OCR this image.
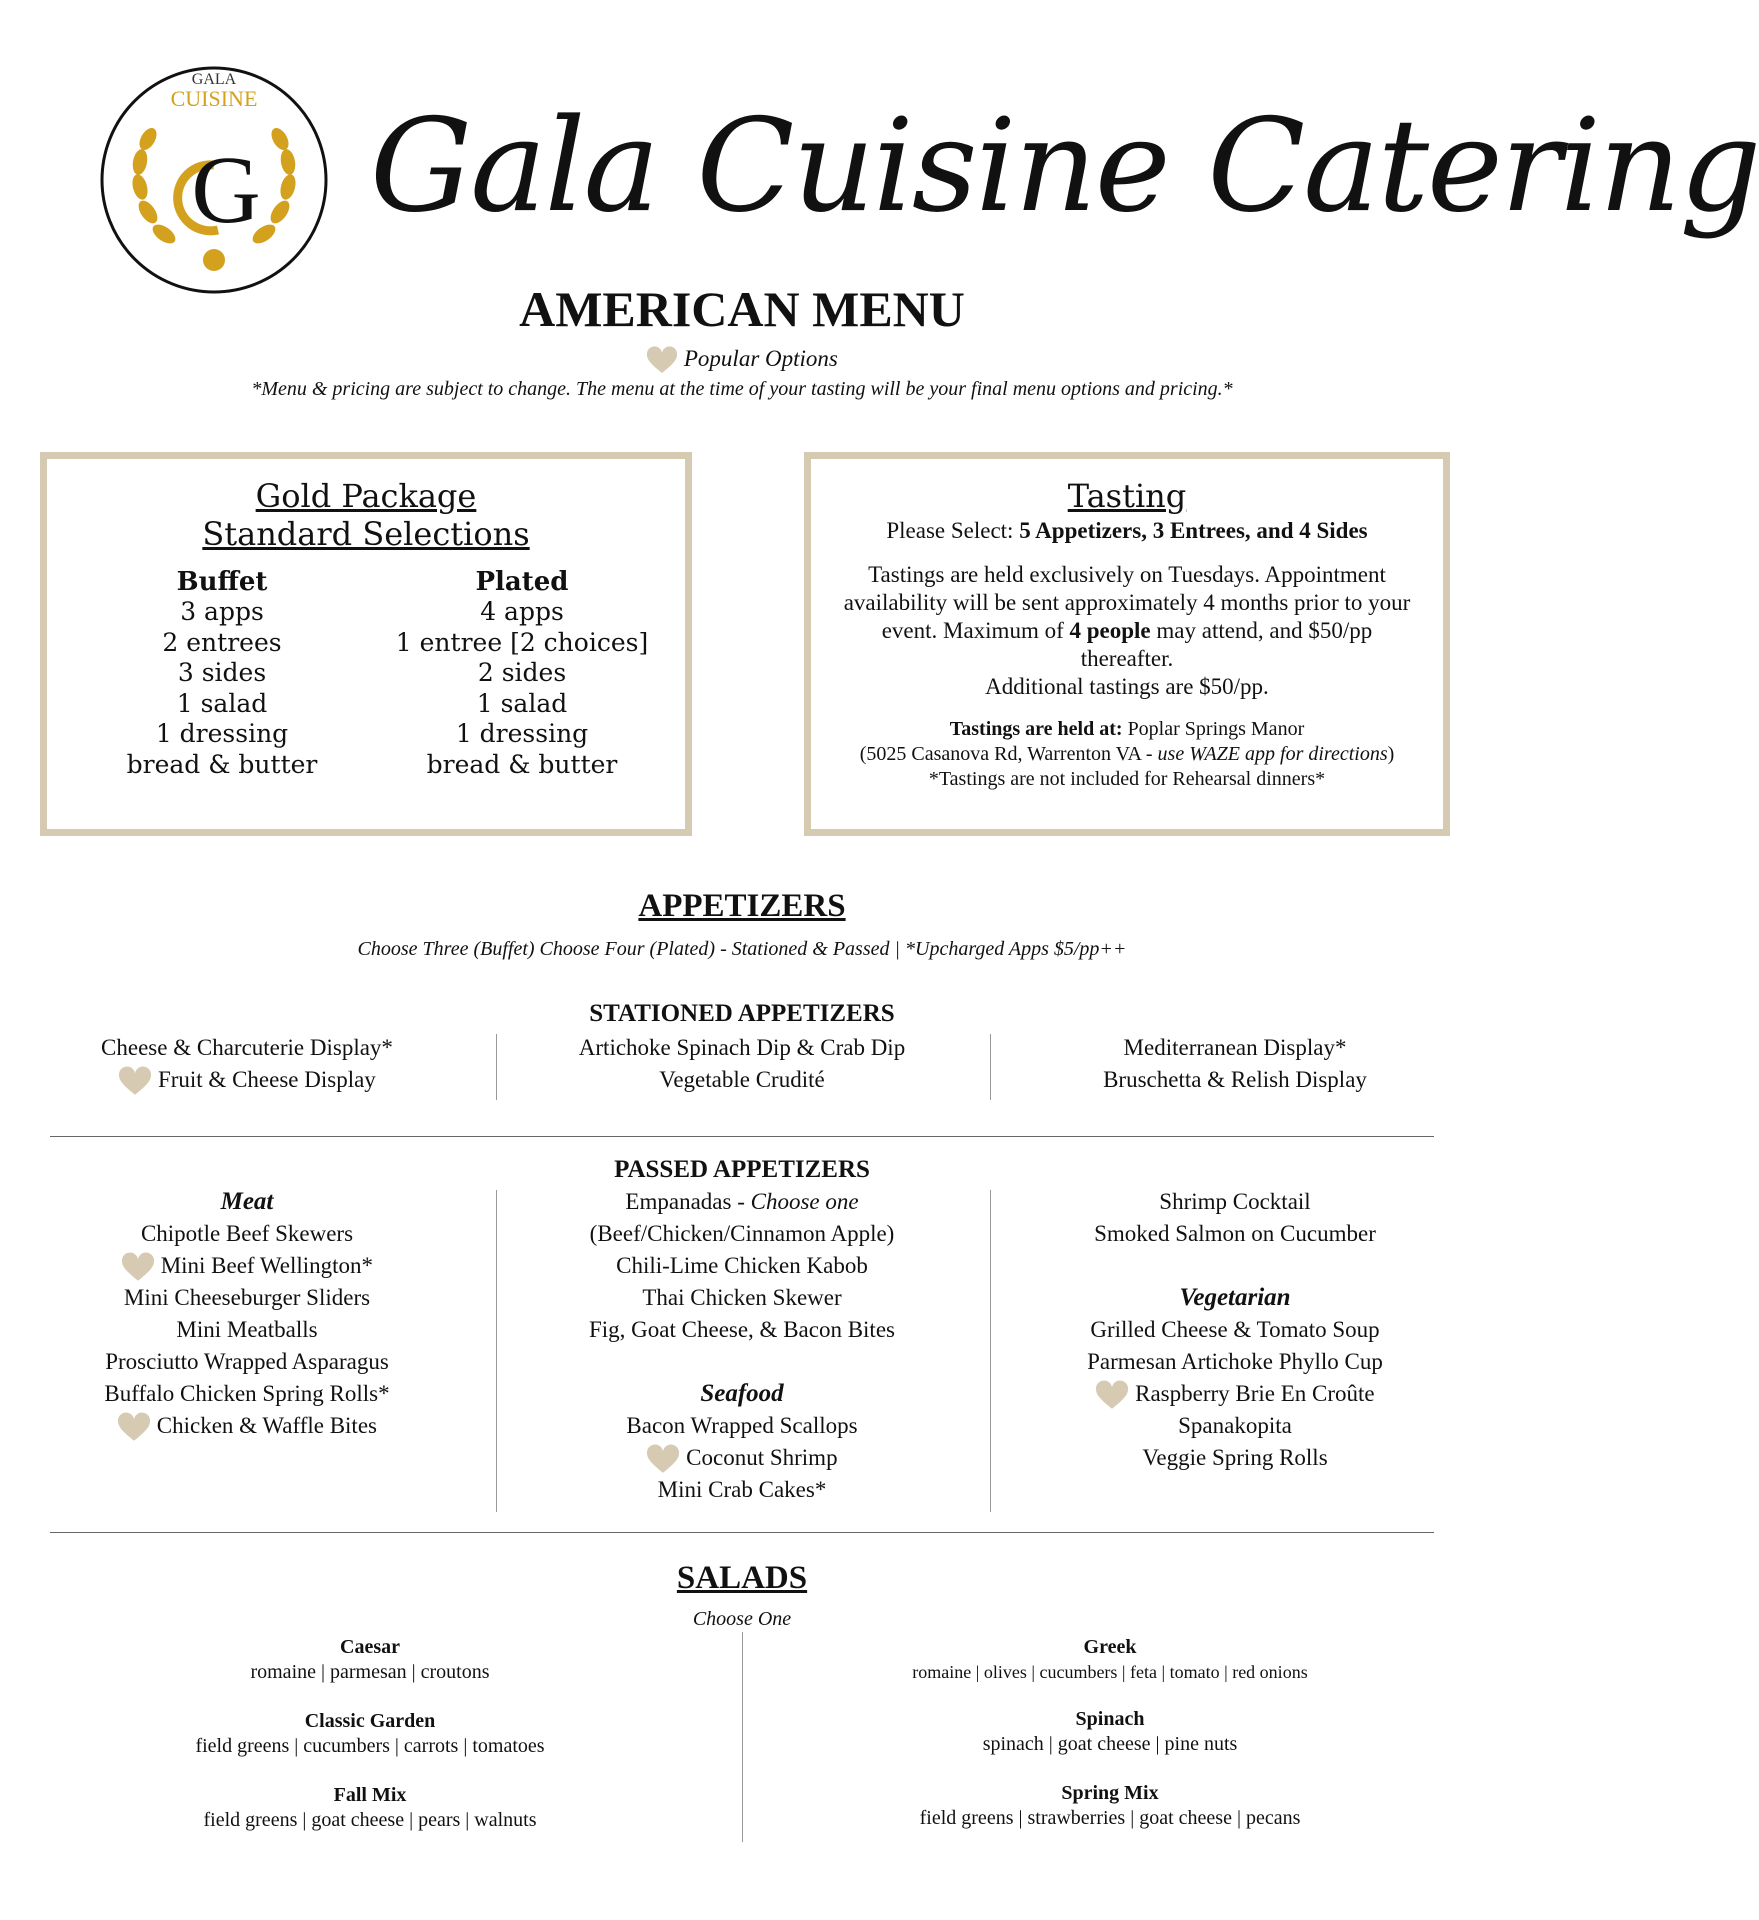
GALA
CUISINE
G Gala Cuisine Catering
AMERICAN MENU
Popular Options
*Menu & pricing are subject to change. The menu at the time of your tasting will be your final menu options and pricing.*
Gold Package
Standard Selections
Buffet
3 apps
2 entrees
3 sides
1 salad
1 dressing
bread & butter
Plated
4 apps
1 entree [2 choices]
2 sides
1 salad
1 dressing
bread & butter
Tasting
Please Select: 5 Appetizers, 3 Entrees, and 4 Sides
Tastings are held exclusively on Tuesdays. Appointment
availability will be sent approximately 4 months prior to your
event. Maximum of 4 people may attend, and $50/pp
thereafter.
Additional tastings are $50/pp.
Tastings are held at: Poplar Springs Manor
(5025 Casanova Rd, Warrenton VA - use WAZE app for directions)
*Tastings are not included for Rehearsal dinners*
APPETIZERS
Choose Three (Buffet) Choose Four (Plated) - Stationed & Passed | *Upcharged Apps $5/pp++
STATIONED APPETIZERS
Cheese & Charcuterie Display*
Fruit & Cheese Display
Artichoke Spinach Dip & Crab Dip
Vegetable Crudité
Mediterranean Display*
Bruschetta & Relish Display
PASSED APPETIZERS
Meat
Chipotle Beef Skewers
Mini Beef Wellington*
Mini Cheeseburger Sliders
Mini Meatballs
Prosciutto Wrapped Asparagus
Buffalo Chicken Spring Rolls*
Chicken & Waffle Bites
Empanadas - Choose one
(Beef/Chicken/Cinnamon Apple)
Chili-Lime Chicken Kabob
Thai Chicken Skewer
Fig, Goat Cheese, & Bacon Bites
Seafood
Bacon Wrapped Scallops
Coconut Shrimp
Mini Crab Cakes*
Shrimp Cocktail
Smoked Salmon on Cucumber
Vegetarian
Grilled Cheese & Tomato Soup
Parmesan Artichoke Phyllo Cup
Raspberry Brie En Croûte
Spanakopita
Veggie Spring Rolls
SALADS
Choose One
Caesar
romaine | parmesan | croutons
Classic Garden
field greens | cucumbers | carrots | tomatoes
Fall Mix
field greens | goat cheese | pears | walnuts
Greek
romaine | olives | cucumbers | feta | tomato | red onions
Spinach
spinach | goat cheese | pine nuts
Spring Mix
field greens | strawberries | goat cheese | pecans
